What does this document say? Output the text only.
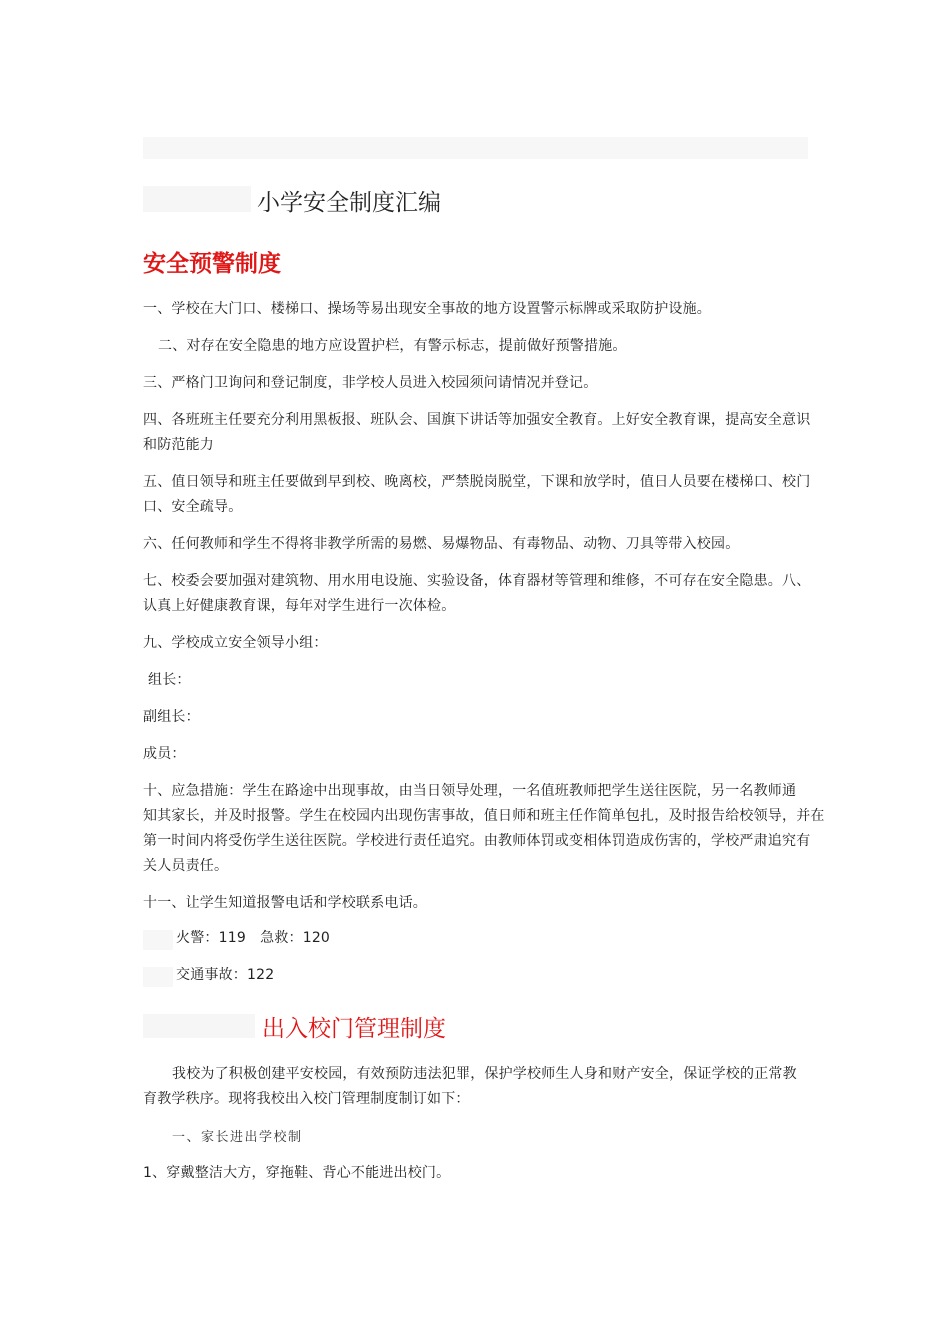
小学安全制度汇编
安全预警制度
一、学校在大门口、楼梯口、操场等易出现安全事故的地方设置警示标牌或采取防护设施。
二、对存在安全隐患的地方应设置护栏，有警示标志，提前做好预警措施。
三、严格门卫询问和登记制度，非学校人员进入校园须问请情况并登记。
四、各班班主任要充分利用黑板报、班队会、国旗下讲话等加强安全教育。上好安全教育课，提高安全意识
和防范能力
五、值日领导和班主任要做到早到校、晚离校，严禁脱岗脱堂，下课和放学时，值日人员要在楼梯口、校门
口、安全疏导。
六、任何教师和学生不得将非教学所需的易燃、易爆物品、有毒物品、动物、刀具等带入校园。
七、校委会要加强对建筑物、用水用电设施、实验设备，体育器材等管理和维修，不可存在安全隐患。八、
认真上好健康教育课，每年对学生进行一次体检。
九、学校成立安全领导小组：
组长：
副组长：
成员：
十、应急措施：学生在路途中出现事故，由当日领导处理，一名值班教师把学生送往医院，另一名教师通
知其家长，并及时报警。学生在校园内出现伤害事故，值日师和班主任作简单包扎，及时报告给校领导，并在
第一时间内将受伤学生送往医院。学校进行责任追究。由教师体罚或变相体罚造成伤害的，学校严肃追究有
关人员责任。
十一、让学生知道报警电话和学校联系电话。
火警：119　急救：120
交通事故：122
出入校门管理制度
我校为了积极创建平安校园，有效预防违法犯罪，保护学校师生人身和财产安全，保证学校的正常教
育教学秩序。现将我校出入校门管理制度制订如下：
一、家长进出学校制
1、穿戴整洁大方，穿拖鞋、背心不能进出校门。
